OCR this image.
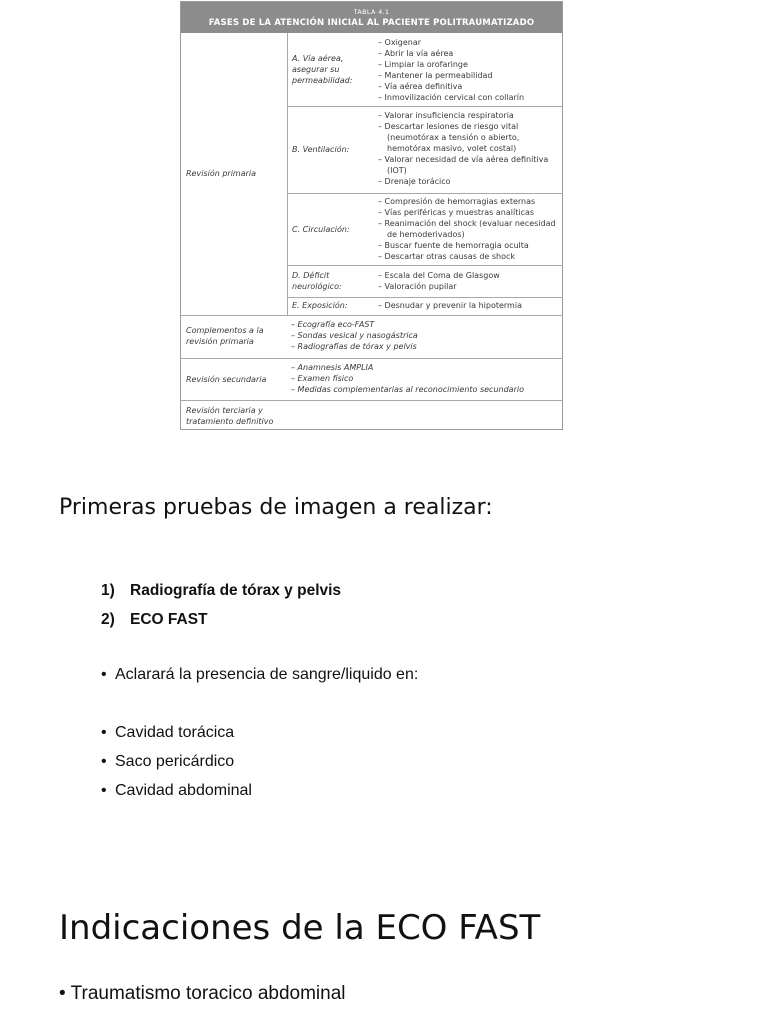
TABLA 4.1
FASES DE LA ATENCIÓN INICIAL AL PACIENTE POLITRAUMATIZADO
Revisión primaria
A. Vía aérea, asegurar su permeabilidad:
– Oxigenar
– Abrir la vía aérea
– Limpiar la orofaringe
– Mantener la permeabilidad
– Vía aérea definitiva
– Inmovilización cervical con collarín
B. Ventilación:
– Valorar insuficiencia respiratoria
– Descartar lesiones de riesgo vital (neumotórax a tensión o abierto, hemotórax masivo, volet costal)
– Valorar necesidad de vía aérea definitiva (IOT)
– Drenaje torácico
C. Circulación:
– Compresión de hemorragias externas
– Vías periféricas y muestras analíticas
– Reanimación del shock (evaluar necesidad de hemoderivados)
– Buscar fuente de hemorragia oculta
– Descartar otras causas de shock
D. Déficit neurológico:
– Escala del Coma de Glasgow
– Valoración pupilar
E. Exposición:	– Desnudar y prevenir la hipotermia
Complementos a la revisión primaria
– Ecografía eco-FAST
– Sondas vesical y nasogástrica
– Radiografías de tórax y pelvis
Revisión secundaria
– Anamnesis AMPLIA
– Examen físico
– Medidas complementarias al reconocimiento secundario
Revisión terciaria y tratamiento definitivo
Primeras pruebas de imagen a realizar:
1) Radiografía de tórax y pelvis
2) ECO FAST
• Aclarará la presencia de sangre/liquido en:
• Cavidad torácica
• Saco pericárdico
• Cavidad abdominal
Indicaciones de la ECO FAST
• Traumatismo toracico abdominal
